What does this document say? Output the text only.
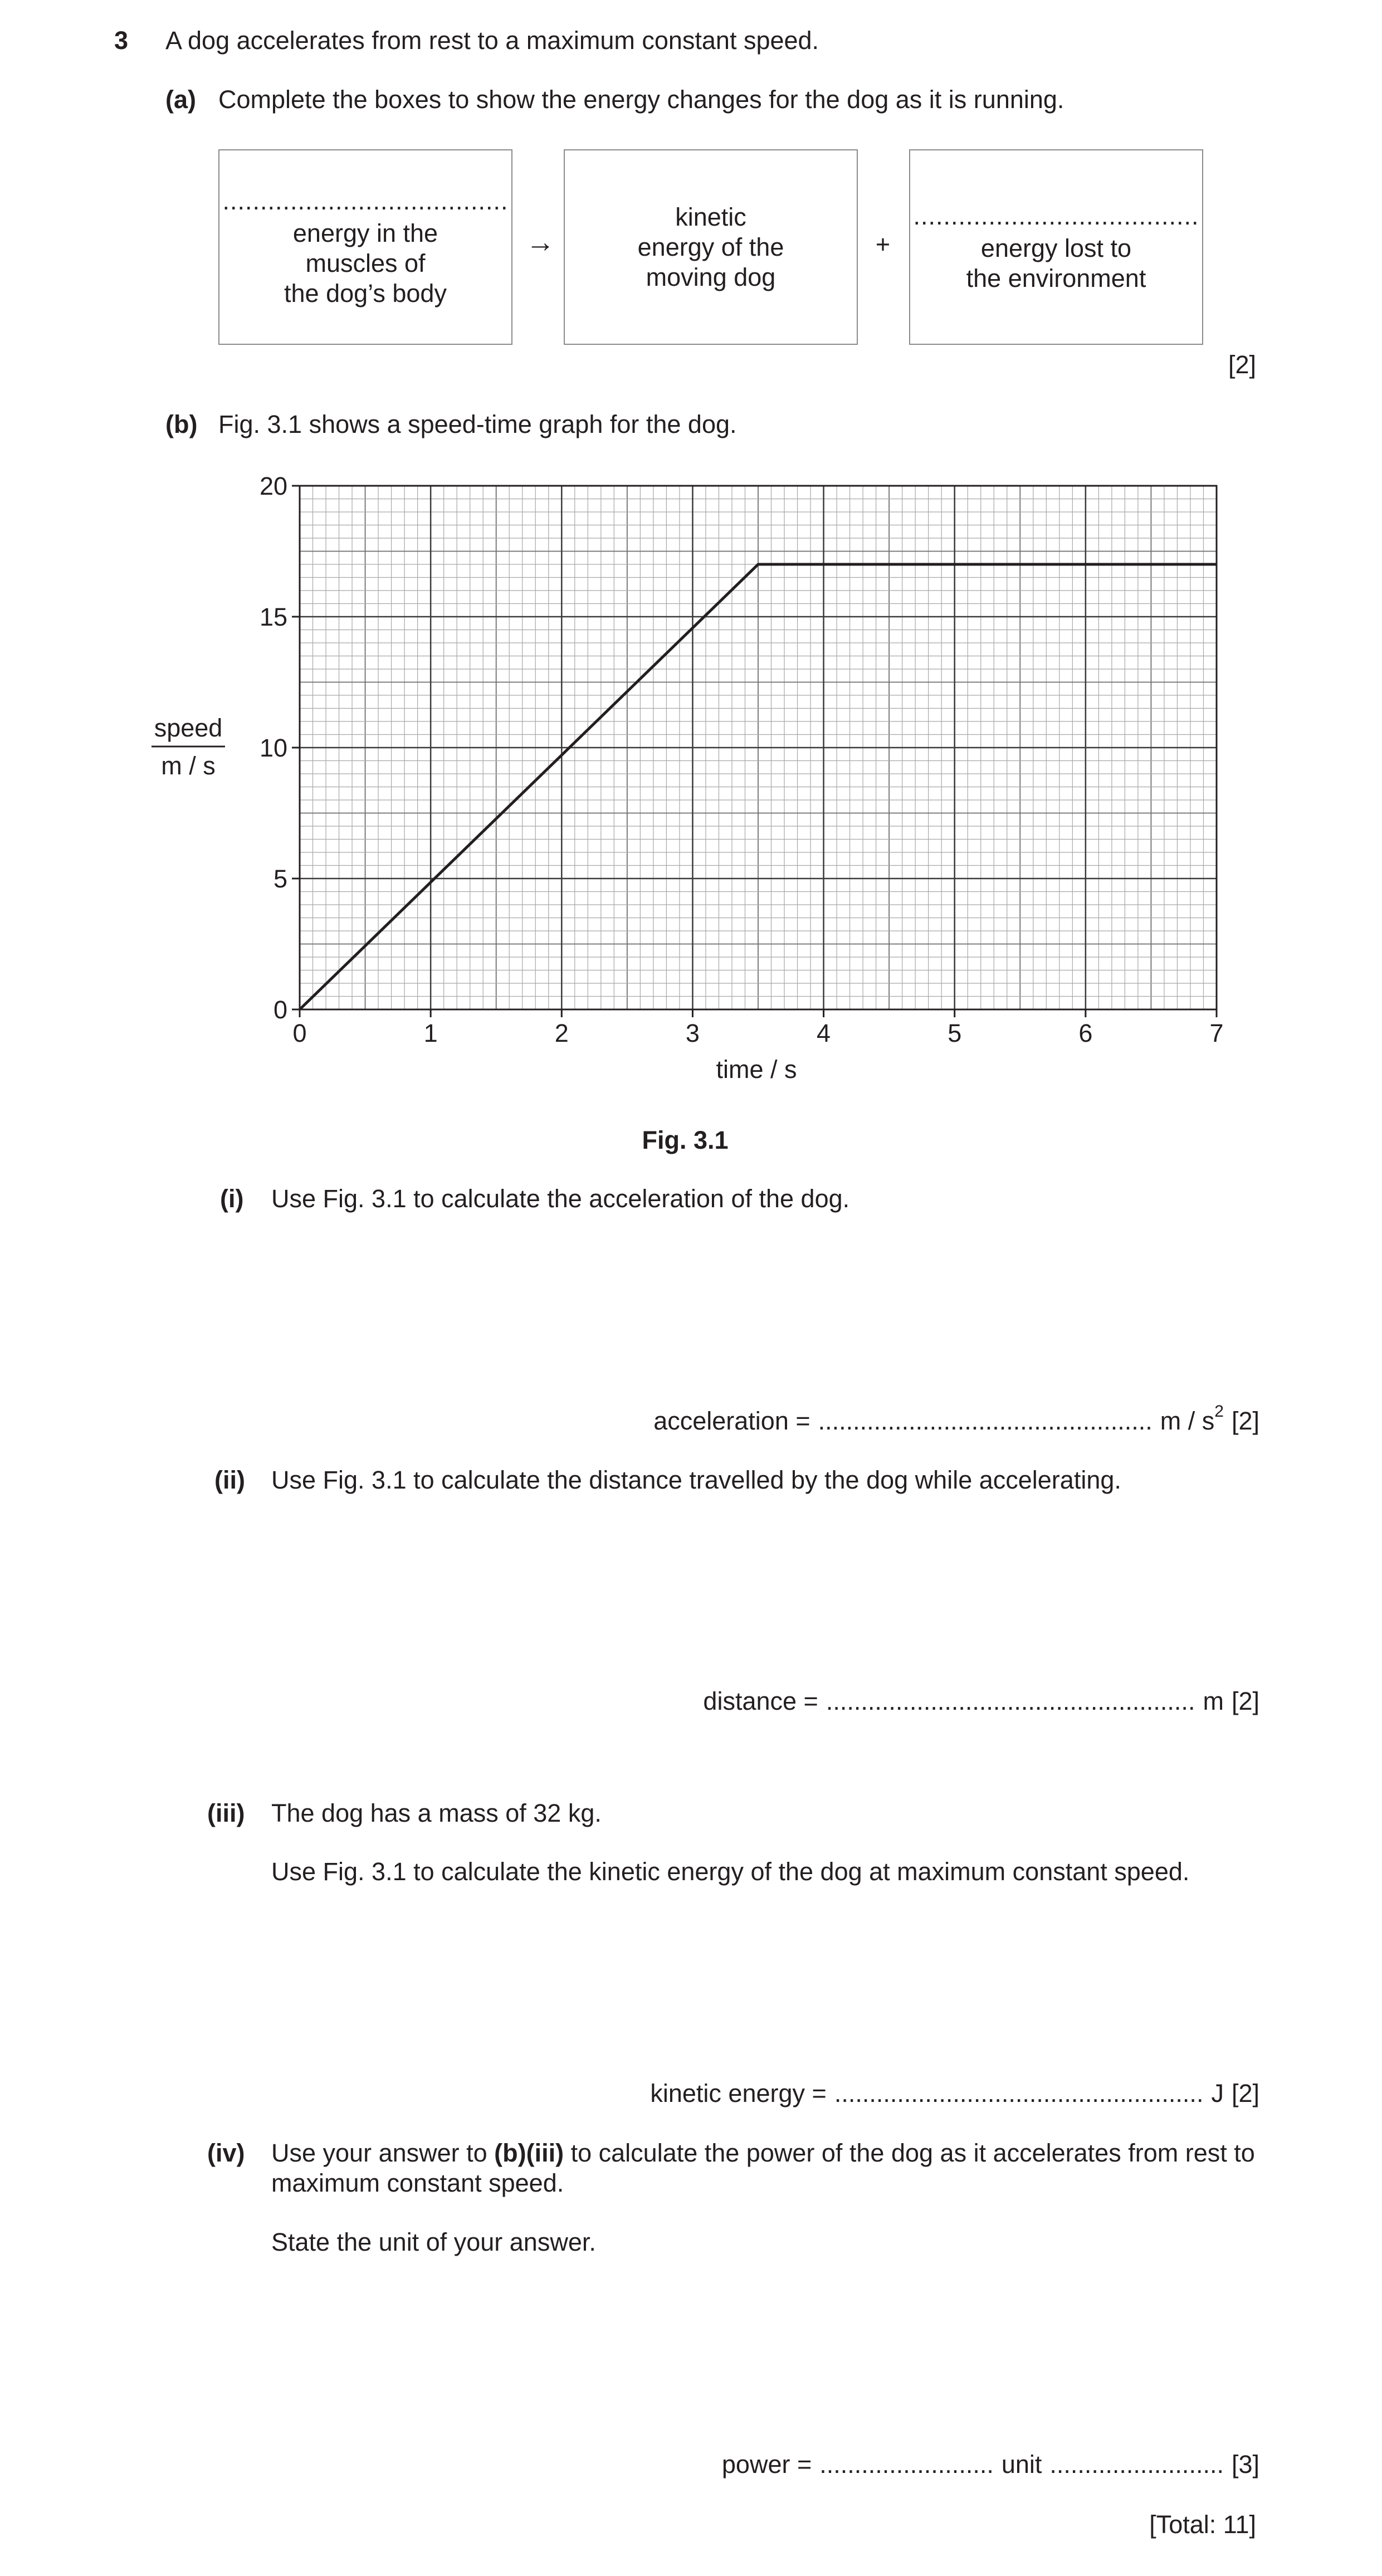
3 A dog accelerates from rest to a maximum constant speed.
(a) Complete the boxes to show the energy changes for the dog as it is running.
......................................
energy in the
muscles of
the dog’s body
→
kinetic
energy of the
moving dog
+
......................................
energy lost to
the environment
[2]
(b) Fig. 3.1 shows a speed-time graph for the dog.
0	1	2	3	4	5	6	7
0
5
10
15
20
speed
m / s
time / s
Fig. 3.1
(i) Use Fig. 3.1 to calculate the acceleration of the dog.
acceleration = ................................................ m / $s^2$ [2]
(ii) Use Fig. 3.1 to calculate the distance travelled by the dog while accelerating.
distance = ..................................................... m [2]
(iii) The dog has a mass of 32 kg.
Use Fig. 3.1 to calculate the kinetic energy of the dog at maximum constant speed.
kinetic energy = ..................................................... J [2]
(iv) Use your answer to (b)(iii) to calculate the power of the dog as it accelerates from rest to
maximum constant speed.
State the unit of your answer.
power = ......................... unit ......................... [3]
[Total: 11]
